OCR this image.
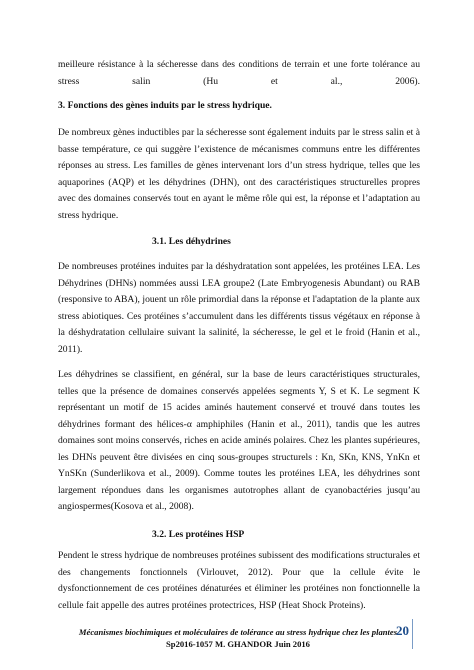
meilleure résistance à la sécheresse dans des conditions de terrain et une forte tolérance au stress salin (Hu et al., 2006).

3. Fonctions des gènes induits par le stress hydrique.

De nombreux gènes inductibles par la sécheresse sont également induits par le stress salin et à basse température, ce qui suggère l’existence de mécanismes communs entre les différentes réponses au stress. Les familles de gènes intervenant lors d’un stress hydrique, telles que les aquaporines (AQP) et les déhydrines (DHN), ont des caractéristiques structurelles propres avec des domaines conservés tout en ayant le même rôle qui est, la réponse et l’adaptation au stress hydrique.

3.1. Les déhydrines

De nombreuses protéines induites par la déshydratation sont appelées, les protéines LEA. Les Déhydrines (DHNs) nommées aussi LEA groupe2 (Late Embryogenesis Abundant) ou RAB (responsive to ABA), jouent un rôle primordial dans la réponse et l'adaptation de la plante aux stress abiotiques. Ces protéines s’accumulent dans les différents tissus végétaux en réponse à la déshydratation cellulaire suivant la salinité, la sécheresse, le gel et le froid (Hanin et al., 2011).

Les déhydrines se classifient, en général, sur la base de leurs caractéristiques structurales, telles que la présence de domaines conservés appelées segments Y, S et K. Le segment K représentant un motif de 15 acides aminés hautement conservé et trouvé dans toutes les déhydrines formant des hélices-α amphiphiles (Hanin et al., 2011), tandis que les autres domaines sont moins conservés, riches en acide aminés polaires. Chez les plantes supérieures, les DHNs peuvent être divisées en cinq sous-groupes structurels : Kn, SKn, KNS, YnKn et YnSKn (Sunderlikova et al., 2009). Comme toutes les protéines LEA, les déhydrines sont largement répondues dans les organismes autotrophes allant de cyanobactéries jusqu’au angiospermes(Kosova et al., 2008).

3.2. Les protéines HSP

Pendent le stress hydrique de nombreuses protéines subissent des modifications structurales et des changements fonctionnels (Virlouvet, 2012). Pour que la cellule évite le dysfonctionnement de ces protéines dénaturées et éliminer les protéines non fonctionnelle la cellule fait appelle des autres protéines protectrices, HSP (Heat Shock Proteins).

Mécanismes biochimiques et moléculaires de tolérance au stress hydrique chez les plantes
Sp2016-1057 M. GHANDOR Juin 2016
20
